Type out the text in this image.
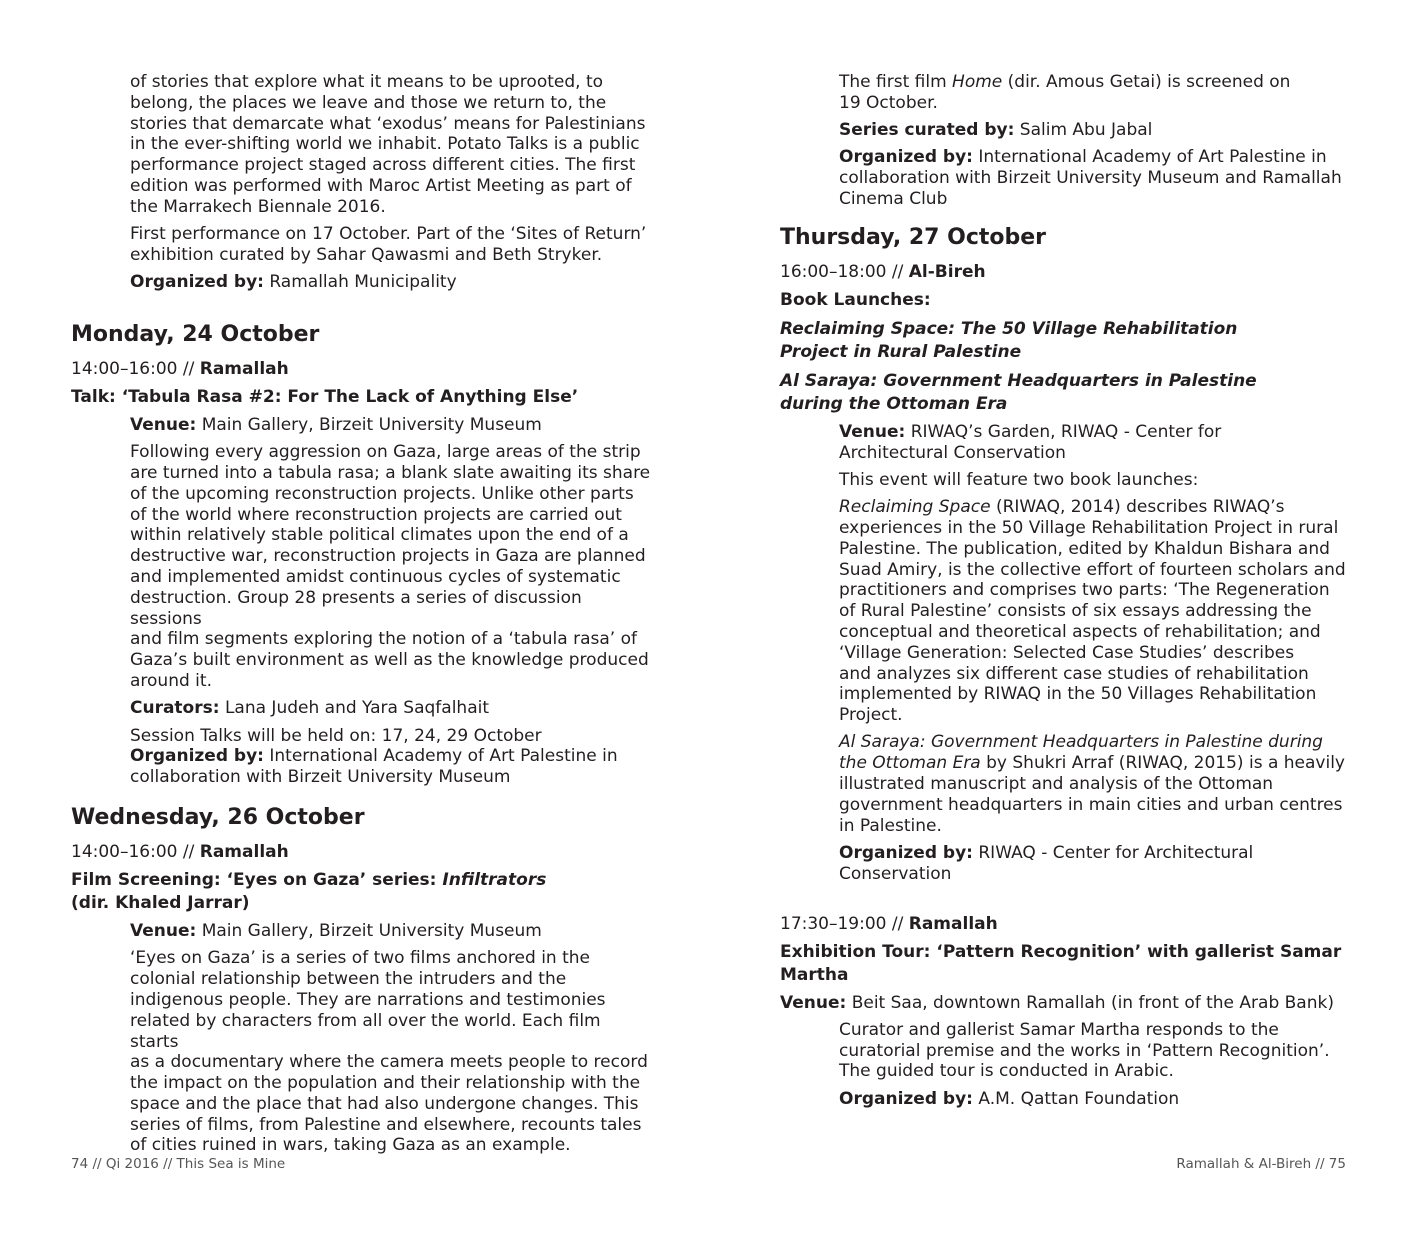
of stories that explore what it means to be uprooted, to
belong, the places we leave and those we return to, the
stories that demarcate what ‘exodus’ means for Palestinians
in the ever-shifting world we inhabit. Potato Talks is a public
performance project staged across different cities. The first
edition was performed with Maroc Artist Meeting as part of
the Marrakech Biennale 2016.
First performance on 17 October. Part of the ‘Sites of Return’
exhibition curated by Sahar Qawasmi and Beth Stryker.
Organized by: Ramallah Municipality
Monday, 24 October
14:00–16:00 // Ramallah
Talk: ‘Tabula Rasa #2: For The Lack of Anything Else’
Venue: Main Gallery, Birzeit University Museum
Following every aggression on Gaza, large areas of the strip
are turned into a tabula rasa; a blank slate awaiting its share
of the upcoming reconstruction projects. Unlike other parts
of the world where reconstruction projects are carried out
within relatively stable political climates upon the end of a
destructive war, reconstruction projects in Gaza are planned
and implemented amidst continuous cycles of systematic
destruction. Group 28 presents a series of discussion sessions
and film segments exploring the notion of a ‘tabula rasa’ of
Gaza’s built environment as well as the knowledge produced
around it.
Curators: Lana Judeh and Yara Saqfalhait
Session Talks will be held on: 17, 24, 29 October
Organized by: International Academy of Art Palestine in
collaboration with Birzeit University Museum
Wednesday, 26 October
14:00–16:00 // Ramallah
Film Screening: ‘Eyes on Gaza’ series: Infiltrators
(dir. Khaled Jarrar)
Venue: Main Gallery, Birzeit University Museum
‘Eyes on Gaza’ is a series of two films anchored in the
colonial relationship between the intruders and the
indigenous people. They are narrations and testimonies
related by characters from all over the world. Each film starts
as a documentary where the camera meets people to record
the impact on the population and their relationship with the
space and the place that had also undergone changes. This
series of films, from Palestine and elsewhere, recounts tales
of cities ruined in wars, taking Gaza as an example.
The first film Home (dir. Amous Getai) is screened on
19 October.
Series curated by: Salim Abu Jabal
Organized by: International Academy of Art Palestine in
collaboration with Birzeit University Museum and Ramallah
Cinema Club
Thursday, 27 October
16:00–18:00 // Al-Bireh
Book Launches:
Reclaiming Space: The 50 Village Rehabilitation
Project in Rural Palestine
Al Saraya: Government Headquarters in Palestine
during the Ottoman Era
Venue: RIWAQ’s Garden, RIWAQ - Center for
Architectural Conservation
This event will feature two book launches:
Reclaiming Space (RIWAQ, 2014) describes RIWAQ’s
experiences in the 50 Village Rehabilitation Project in rural
Palestine. The publication, edited by Khaldun Bishara and
Suad Amiry, is the collective effort of fourteen scholars and
practitioners and comprises two parts: ‘The Regeneration
of Rural Palestine’ consists of six essays addressing the
conceptual and theoretical aspects of rehabilitation; and
‘Village Generation: Selected Case Studies’ describes
and analyzes six different case studies of rehabilitation
implemented by RIWAQ in the 50 Villages Rehabilitation
Project.
Al Saraya: Government Headquarters in Palestine during
the Ottoman Era by Shukri Arraf (RIWAQ, 2015) is a heavily
illustrated manuscript and analysis of the Ottoman
government headquarters in main cities and urban centres
in Palestine.
Organized by: RIWAQ - Center for Architectural Conservation
17:30–19:00 // Ramallah
Exhibition Tour: ‘Pattern Recognition’ with gallerist Samar Martha
Venue: Beit Saa, downtown Ramallah (in front of the Arab Bank)
Curator and gallerist Samar Martha responds to the
curatorial premise and the works in ‘Pattern Recognition’.
The guided tour is conducted in Arabic.
Organized by: A.M. Qattan Foundation
74 // Qi 2016 // This Sea is Mine	Ramallah & Al-Bireh // 75
